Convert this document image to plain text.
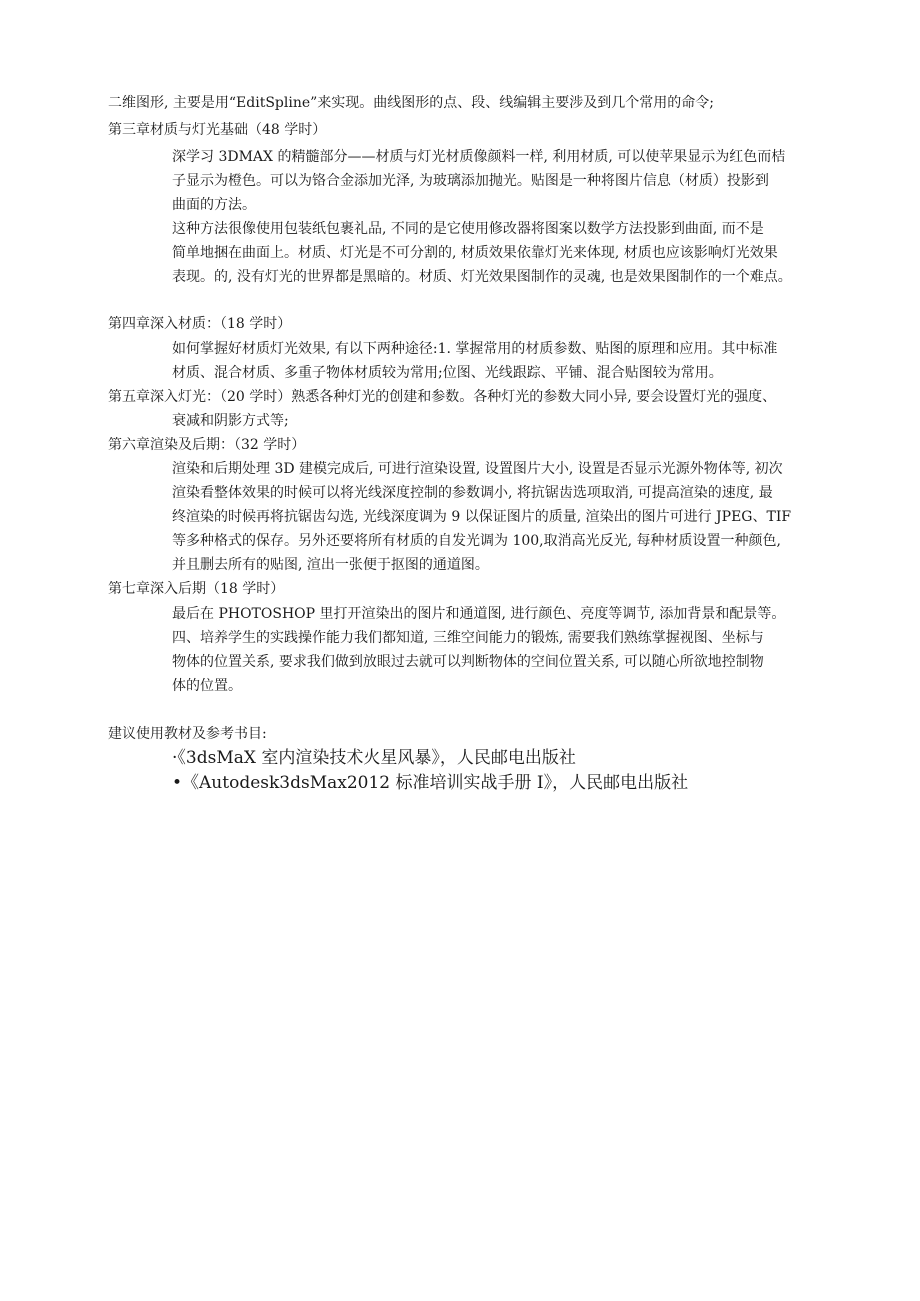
二维图形, 主要是用“EditSpline”来实现。曲线图形的点、段、线编辑主要涉及到几个常用的命令;
第三章材质与灯光基础（48 学时）
深学习 3DMAX 的精髓部分——材质与灯光材质像颜料一样, 利用材质, 可以使苹果显示为红色而桔
子显示为橙色。可以为铬合金添加光泽, 为玻璃添加抛光。贴图是一种将图片信息（材质）投影到
曲面的方法。
这种方法很像使用包装纸包裹礼品, 不同的是它使用修改器将图案以数学方法投影到曲面, 而不是
简单地捆在曲面上。材质、灯光是不可分割的, 材质效果依靠灯光来体现, 材质也应该影响灯光效果
表现。的, 没有灯光的世界都是黑暗的。材质、灯光效果图制作的灵魂, 也是效果图制作的一个难点。
第四章深入材质：（18 学时）
如何掌握好材质灯光效果, 有以下两种途径:1. 掌握常用的材质参数、贴图的原理和应用。其中标准
材质、混合材质、多重子物体材质较为常用;位图、光线跟踪、平铺、混合贴图较为常用。
第五章深入灯光：（20 学时）熟悉各种灯光的创建和参数。各种灯光的参数大同小异, 要会设置灯光的强度、
衰减和阴影方式等;
第六章渲染及后期：（32 学时）
渲染和后期处理 3D 建模完成后, 可进行渲染设置, 设置图片大小, 设置是否显示光源外物体等, 初次
渲染看整体效果的时候可以将光线深度控制的参数调小, 将抗锯齿选项取消, 可提高渲染的速度, 最
终渲染的时候再将抗锯齿勾选, 光线深度调为 9 以保证图片的质量, 渲染出的图片可进行 JPEG、TIF
等多种格式的保存。另外还要将所有材质的自发光调为 100,取消高光反光, 每种材质设置一种颜色,
并且删去所有的贴图, 渲出一张便于抠图的通道图。
第七章深入后期（18 学时）
最后在 PHOTOSHOP 里打开渲染出的图片和通道图, 进行颜色、亮度等调节, 添加背景和配景等。
四、培养学生的实践操作能力我们都知道, 三维空间能力的锻炼, 需要我们熟练掌握视图、坐标与
物体的位置关系, 要求我们做到放眼过去就可以判断物体的空间位置关系, 可以随心所欲地控制物
体的位置。
建议使用教材及参考书目:
·《3dsMaX 室内渲染技术火星风暴》，人民邮电出版社
•《Autodesk3dsMax2012 标准培训实战手册 I》，人民邮电出版社
